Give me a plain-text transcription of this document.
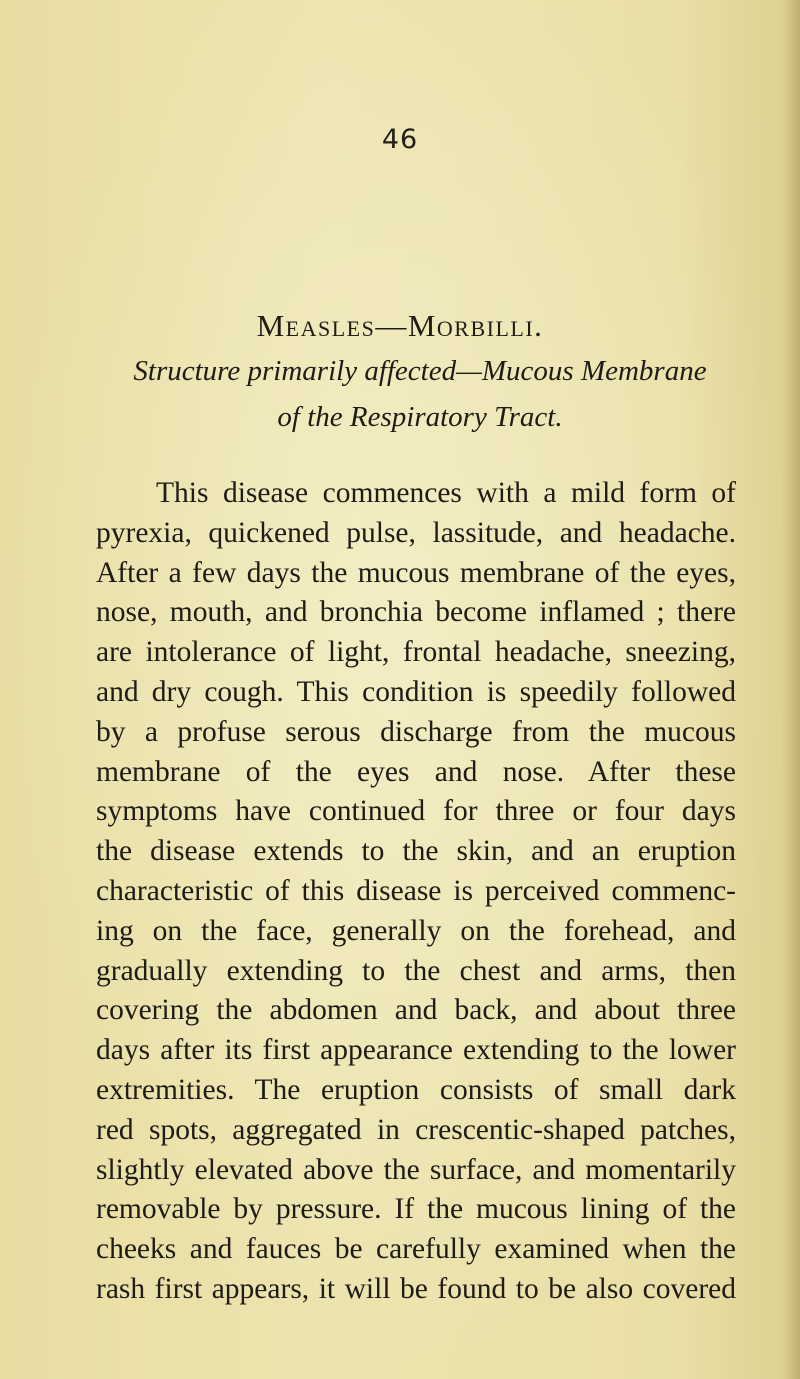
46
Measles—Morbilli.
Structure primarily affected—Mucous Membrane
of the Respiratory Tract.
This disease commences with a mild form of
pyrexia, quickened pulse, lassitude, and headache.
After a few days the mucous membrane of the eyes,
nose, mouth, and bronchia become inflamed ; there
are intolerance of light, frontal headache, sneezing,
and dry cough. This condition is speedily followed
by a profuse serous discharge from the mucous
membrane of the eyes and nose. After these
symptoms have continued for three or four days
the disease extends to the skin, and an eruption
characteristic of this disease is perceived commenc-
ing on the face, generally on the forehead, and
gradually extending to the chest and arms, then
covering the abdomen and back, and about three
days after its first appearance extending to the lower
extremities. The eruption consists of small dark
red spots, aggregated in crescentic-shaped patches,
slightly elevated above the surface, and momentarily
removable by pressure. If the mucous lining of the
cheeks and fauces be carefully examined when the
rash first appears, it will be found to be also covered
